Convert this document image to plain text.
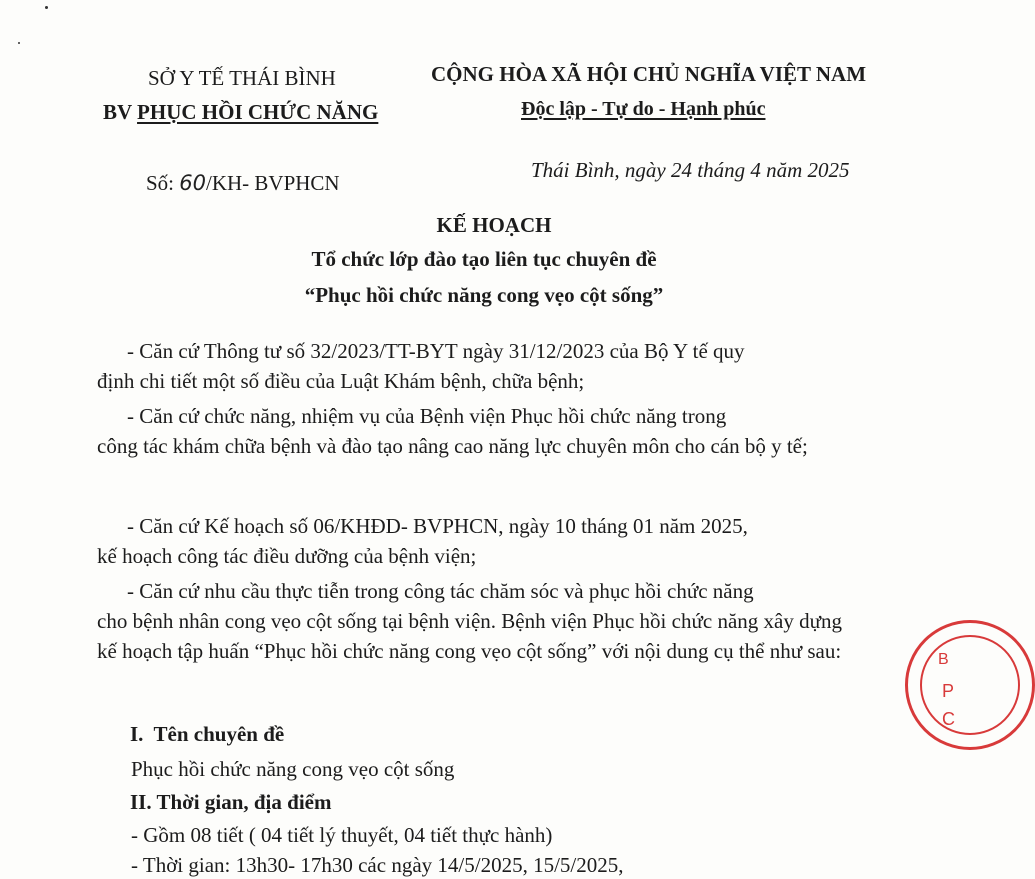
SỞ Y TẾ THÁI BÌNH
BV PHỤC HỒI CHỨC NĂNG
CỘNG HÒA XÃ HỘI CHỦ NGHĨA VIỆT NAM
Độc lập - Tự do - Hạnh phúc
Số: 60/KH- BVPHCN
Thái Bình, ngày 24 tháng 4 năm 2025
KẾ HOẠCH
Tổ chức lớp đào tạo liên tục chuyên đề
“Phục hồi chức năng cong vẹo cột sống”
- Căn cứ Thông tư số 32/2023/TT-BYT ngày 31/12/2023 của Bộ Y tế quy
định chi tiết một số điều của Luật Khám bệnh, chữa bệnh;
- Căn cứ chức năng, nhiệm vụ của Bệnh viện Phục hồi chức năng trong
công tác khám chữa bệnh và đào tạo nâng cao năng lực chuyên môn cho cán bộ y tế;
- Căn cứ Kế hoạch số 06/KHĐD- BVPHCN, ngày 10 tháng 01 năm 2025,
kế hoạch công tác điều dưỡng của bệnh viện;
- Căn cứ nhu cầu thực tiễn trong công tác chăm sóc và phục hồi chức năng
cho bệnh nhân cong vẹo cột sống tại bệnh viện. Bệnh viện Phục hồi chức năng xây dựng kế hoạch tập huấn “Phục hồi chức năng cong vẹo cột sống” với nội dung cụ thể như sau:
I.  Tên chuyên đề
Phục hồi chức năng cong vẹo cột sống
II. Thời gian, địa điểm
- Gồm 08 tiết ( 04 tiết lý thuyết, 04 tiết thực hành)
- Thời gian: 13h30- 17h30 các ngày 14/5/2025, 15/5/2025,
B
P
C
